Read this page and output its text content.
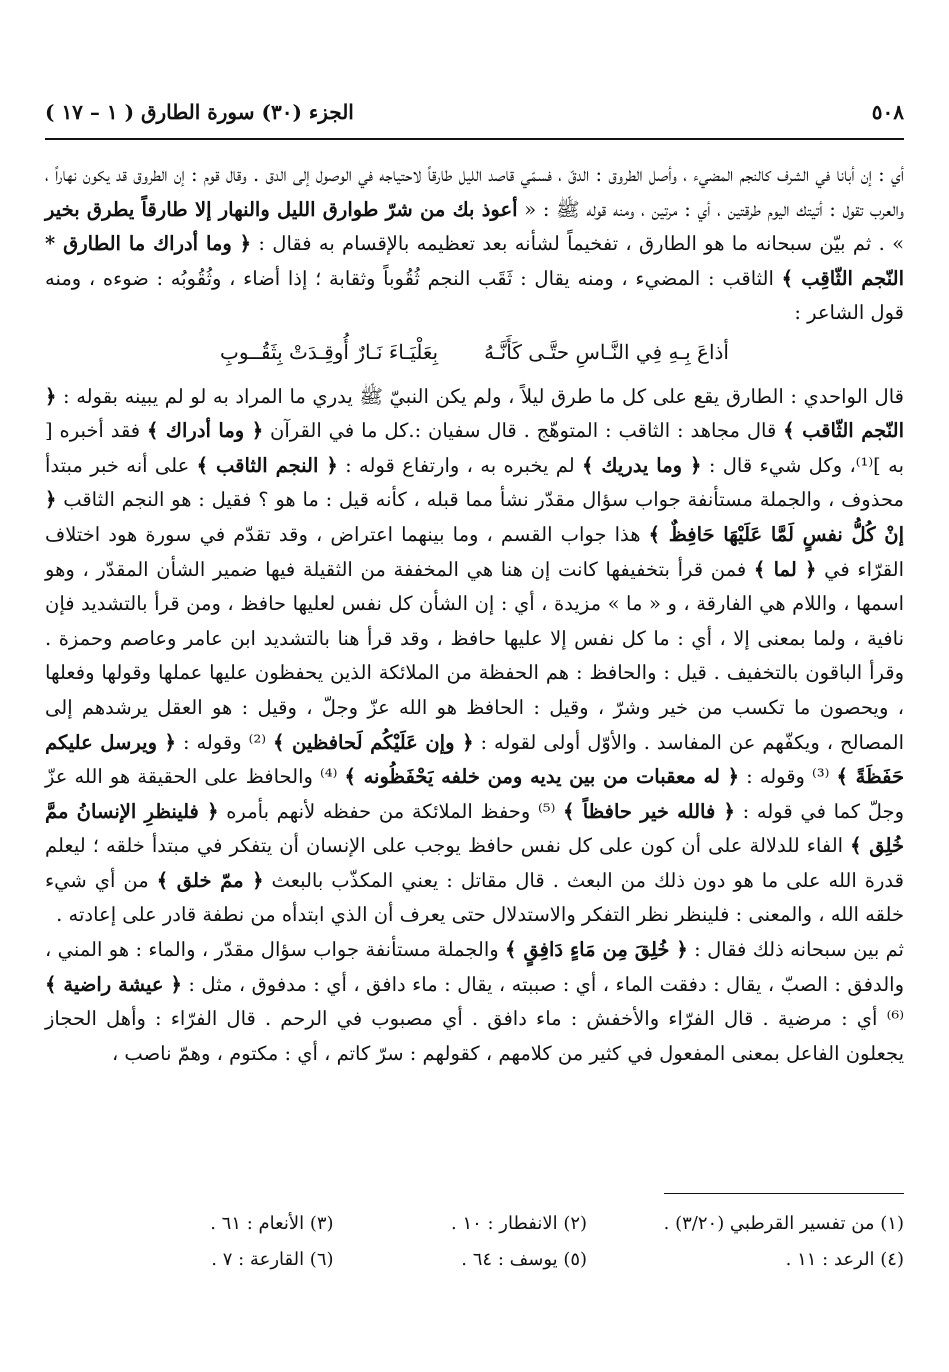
٥٠٨
الجزء (٣٠) سورة الطارق ( ١ – ١٧ )

أي : إن أبانا في الشرف كالنجم المضيء ، وأصل الطروق : الدقّ ، فسمّي قاصد الليل طارقاً لاحتياجه في الوصول إلى الدق . وقال قوم : إن الطروق قد يكون نهاراً ، والعرب تقول : أتيتك اليوم طرقتين ، أي : مرتين ، ومنه قوله ﷺ : « أعوذ بك من شرّ طوارق الليل والنهار إلا طارقاً يطرق بخير » . ثم بيّن سبحانه ما هو الطارق ، تفخيماً لشأنه بعد تعظيمه بالإقسام به فقال : ﴿ وما أدراك ما الطارق * النّجم الثّاقِب ﴾ الثاقب : المضيء ، ومنه يقال : ثَقَب النجم ثُقُوباً وثقابة ؛ إذا أضاء ، وثُقُوبُه : ضوءه ، ومنه قول الشاعر :

أذاعَ بِـهِ فِي النَّـاسِ حتَّـى كَأَنَّـهُ
بِعَلْيَـاءَ نَـارٌ أُوقِـدَتْ بِثَقُــوبِ

قال الواحدي : الطارق يقع على كل ما طرق ليلاً ، ولم يكن النبيّ ﷺ يدري ما المراد به لو لم يبينه بقوله : ﴿ النّجم الثّاقب ﴾ قال مجاهد : الثاقب : المتوهّج . قال سفيان :.كل ما في القرآن ﴿ وما أدراك ﴾ فقد أخبره [ به ]⁽¹⁾، وكل شيء قال : ﴿ وما يدريك ﴾ لم يخبره به ، وارتفاع قوله : ﴿ النجم الثاقب ﴾ على أنه خبر مبتدأ محذوف ، والجملة مستأنفة جواب سؤال مقدّر نشأ مما قبله ، كأنه قيل : ما هو ؟ فقيل : هو النجم الثاقب ﴿ إنْ كُلُّ نفسٍ لَمَّا عَلَيْهَا حَافِظٌ ﴾ هذا جواب القسم ، وما بينهما اعتراض ، وقد تقدّم في سورة هود اختلاف القرّاء في ﴿ لما ﴾ فمن قرأ بتخفيفها كانت إن هنا هي المخففة من الثقيلة فيها ضمير الشأن المقدّر ، وهو اسمها ، واللام هي الفارقة ، و « ما » مزيدة ، أي : إن الشأن كل نفس لعليها حافظ ، ومن قرأ بالتشديد فإن نافية ، ولما بمعنى إلا ، أي : ما كل نفس إلا عليها حافظ ، وقد قرأ هنا بالتشديد ابن عامر وعاصم وحمزة . وقرأ الباقون بالتخفيف . قيل : والحافظ : هم الحفظة من الملائكة الذين يحفظون عليها عملها وقولها وفعلها ، ويحصون ما تكسب من خير وشرّ ، وقيل : الحافظ هو الله عزّ وجلّ ، وقيل : هو العقل يرشدهم إلى المصالح ، ويكفّهم عن المفاسد . والأوّل أولى لقوله : ﴿ وإن عَلَيْكُم لَحافظين ﴾ ⁽²⁾ وقوله : ﴿ ويرسل عليكم حَفَظَةً ﴾ ⁽³⁾ وقوله : ﴿ له معقبات من بين يديه ومن خلفه يَحْفَظُونه ﴾ ⁽⁴⁾ والحافظ على الحقيقة هو الله عزّ وجلّ كما في قوله : ﴿ فالله خير حافظاً ﴾ ⁽⁵⁾ وحفظ الملائكة من حفظه لأنهم بأمره ﴿ فلينظرِ الإنسانُ ممَّ خُلِق ﴾ الفاء للدلالة على أن كون على كل نفس حافظ يوجب على الإنسان أن يتفكر في مبتدأ خلقه ؛ ليعلم قدرة الله على ما هو دون ذلك من البعث . قال مقاتل : يعني المكذّب بالبعث ﴿ ممّ خلق ﴾ من أي شيء خلقه الله ، والمعنى : فلينظر نظر التفكر والاستدلال حتى يعرف أن الذي ابتدأه من نطفة قادر على إعادته .

ثم بين سبحانه ذلك فقال : ﴿ خُلِقَ مِن مَاءٍ دَافِقٍ ﴾ والجملة مستأنفة جواب سؤال مقدّر ، والماء : هو المني ، والدفق : الصبّ ، يقال : دفقت الماء ، أي : صببته ، يقال : ماء دافق ، أي : مدفوق ، مثل : ﴿ عيشة راضية ﴾ ⁽⁶⁾ أي : مرضية . قال الفرّاء والأخفش : ماء دافق . أي مصبوب في الرحم . قال الفرّاء : وأهل الحجاز يجعلون الفاعل بمعنى المفعول في كثير من كلامهم ، كقولهم : سرّ كاتم ، أي : مكتوم ، وهمّ ناصب ،

(١) من تفسير القرطبي (٣/٢٠) .
(٢) الانفطار : ١٠ .
(٣) الأنعام : ٦١ .
(٤) الرعد : ١١ .
(٥) يوسف : ٦٤ .
(٦) القارعة : ٧ .
